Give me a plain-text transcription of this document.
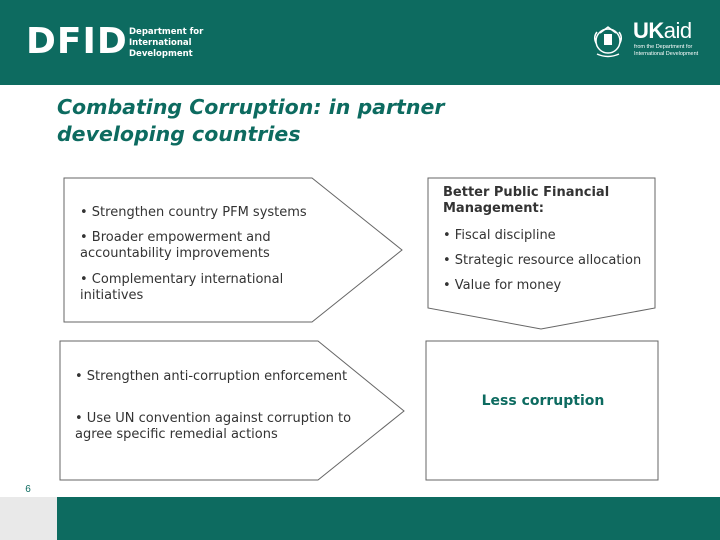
DFID Department for
International
Development
UKaid
from the Department for
International Development
Combating Corruption: in partner developing countries
• Strengthen country PFM systems
• Broader empowerment and accountability improvements
• Complementary international initiatives
• Strengthen anti-corruption enforcement
• Use UN convention against corruption to agree specific remedial actions
Better Public Financial Management:
• Fiscal discipline
• Strategic resource allocation
• Value for money
Less corruption
6
